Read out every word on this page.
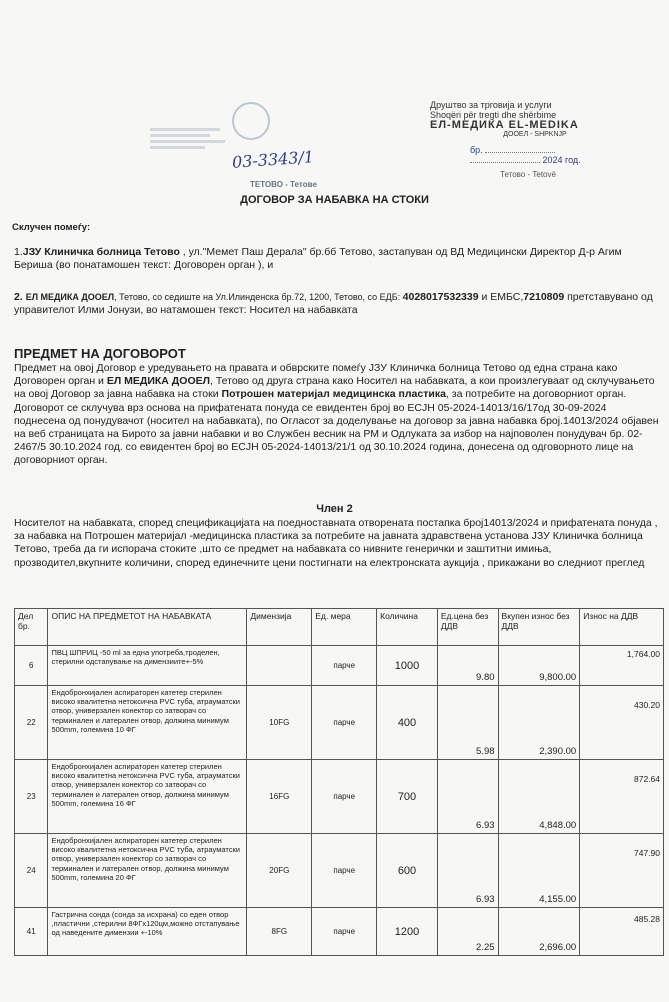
03-3343/1
ТЕТОВО - Тетовe
Друштво за трговија и услуги
Shoqëri për tregti dhe shërbime
ЕЛ-МЕДИКА EL-MEDIKA
ДООЕЛ - SHPKNJP
бр.
2024 год.
Тетово - Tetovë
ДОГОВОР ЗА НАБАВКА НА СТОКИ
Склучен помеѓу:
1.ЈЗУ Клиничка болница Тетово , ул."Мемет Паш Дерала" бр.бб Тетово, застапуван од ВД Медицински Директор Д-р Агим Бериша (во понатамошен текст: Договорен орган ), и
2. ЕЛ МЕДИКА ДООЕЛ, Тетово, со седиште на Ул.Илинденска бр.72, 1200, Тетово, со ЕДБ: 4028017532339 и ЕМБС,7210809 претставувано од управителот Илми Јонузи, во натамошен текст: Носител на набавката
ПРЕДМЕТ НА ДОГОВОРОТ
Предмет на овој Договор е уредувањето на правата и обврските помеѓу ЈЗУ Клиничка болница Тетово од една страна како Договорен орган и ЕЛ МЕДИКА ДООЕЛ, Тетово од друга страна како Носител на набавката, а кои произлегуваат од склучувањето на овој Договор за јавна набавка на стоки Потрошен материјал медицинска пластика, за потребите на договорниот орган.
Договорот се склучува врз основа на прифатената понуда се евидентен број во ЕСЈН 05-2024-14013/16/17од 30-09-2024 поднесена од понудувачот (носител на набавката), по Огласот за доделување на договор за јавна набавка број.14013/2024 објавен на веб страницата на Бирото за јавни набавки и во Службен весник на РМ и Одлуката за избор на најповолен понудувач бр. 02-2467/5 30.10.2024 год. со евидентен број во ЕСЈН 05-2024-14013/21/1 од 30.10.2024 година, донесена од одговорното лице на договорниот орган.
Член 2
Носителот на набавката, според спецификацијата на поедноставната отворената постапка број14013/2024 и прифатената понуда , за набавка на Потрошен материјал -медицинска пластика за потребите на јавната здравствена установа ЈЗУ Клиничка болница Тетово, треба да ги испорача стоките ,што се предмет на набавката со нивните генерички и заштитни имиња, прозводител,вкупните количини, според единечните цени постигнати на електронската аукција , прикажани во следниот преглед
Дел бр.	ОПИС НА ПРЕДМЕТОТ НА НАБАВКАТА	Димензија	Ед. мера	Количина	Ед.цена без ДДВ	Вкупен износ без ДДВ	Износ на ДДВ
6	ПВЦ ШПРИЦ -50 ml за една употреба,троделен, стерилни одстапување на димензиите+-5%		парче	1000	9.80	9,800.00	1,764.00
22	Ендобронхијален аспираторен катетер стерилен високо квалитетна нетоксична PVC туба, атрауматски отвор, универзален конектор со затворач со терминален и латерален отвор, должина минимум 500mm, големина 10 ФГ	10FG	парче	400	5.98	2,390.00	430.20
23	Ендобронхијален аспираторен катетер стерилен високо квалитетна нетоксична PVC туба, атрауматски отвор, универзален конектор со затворач со терминален и латерален отвор, должина минимум 500mm, големина 16 ФГ	16FG	парче	700	6.93	4,848.00	872.64
24	Ендобронхијален аспираторен катетер стерилен високо квалитетна нетоксична PVC туба, атрауматски отвор, универзален конектор со затворач со терминален и латерален отвор, должина минимум 500mm, големина 20 ФГ	20FG	парче	600	6.93	4,155.00	747.90
41	Гастрична сонда (сонда за исхрана) со еден отвор ,пластични ,стерилни 8ФГх120цм,можно отстапување од наведените димензии +-10%	8FG	парче	1200	2.25	2,696.00	485.28
